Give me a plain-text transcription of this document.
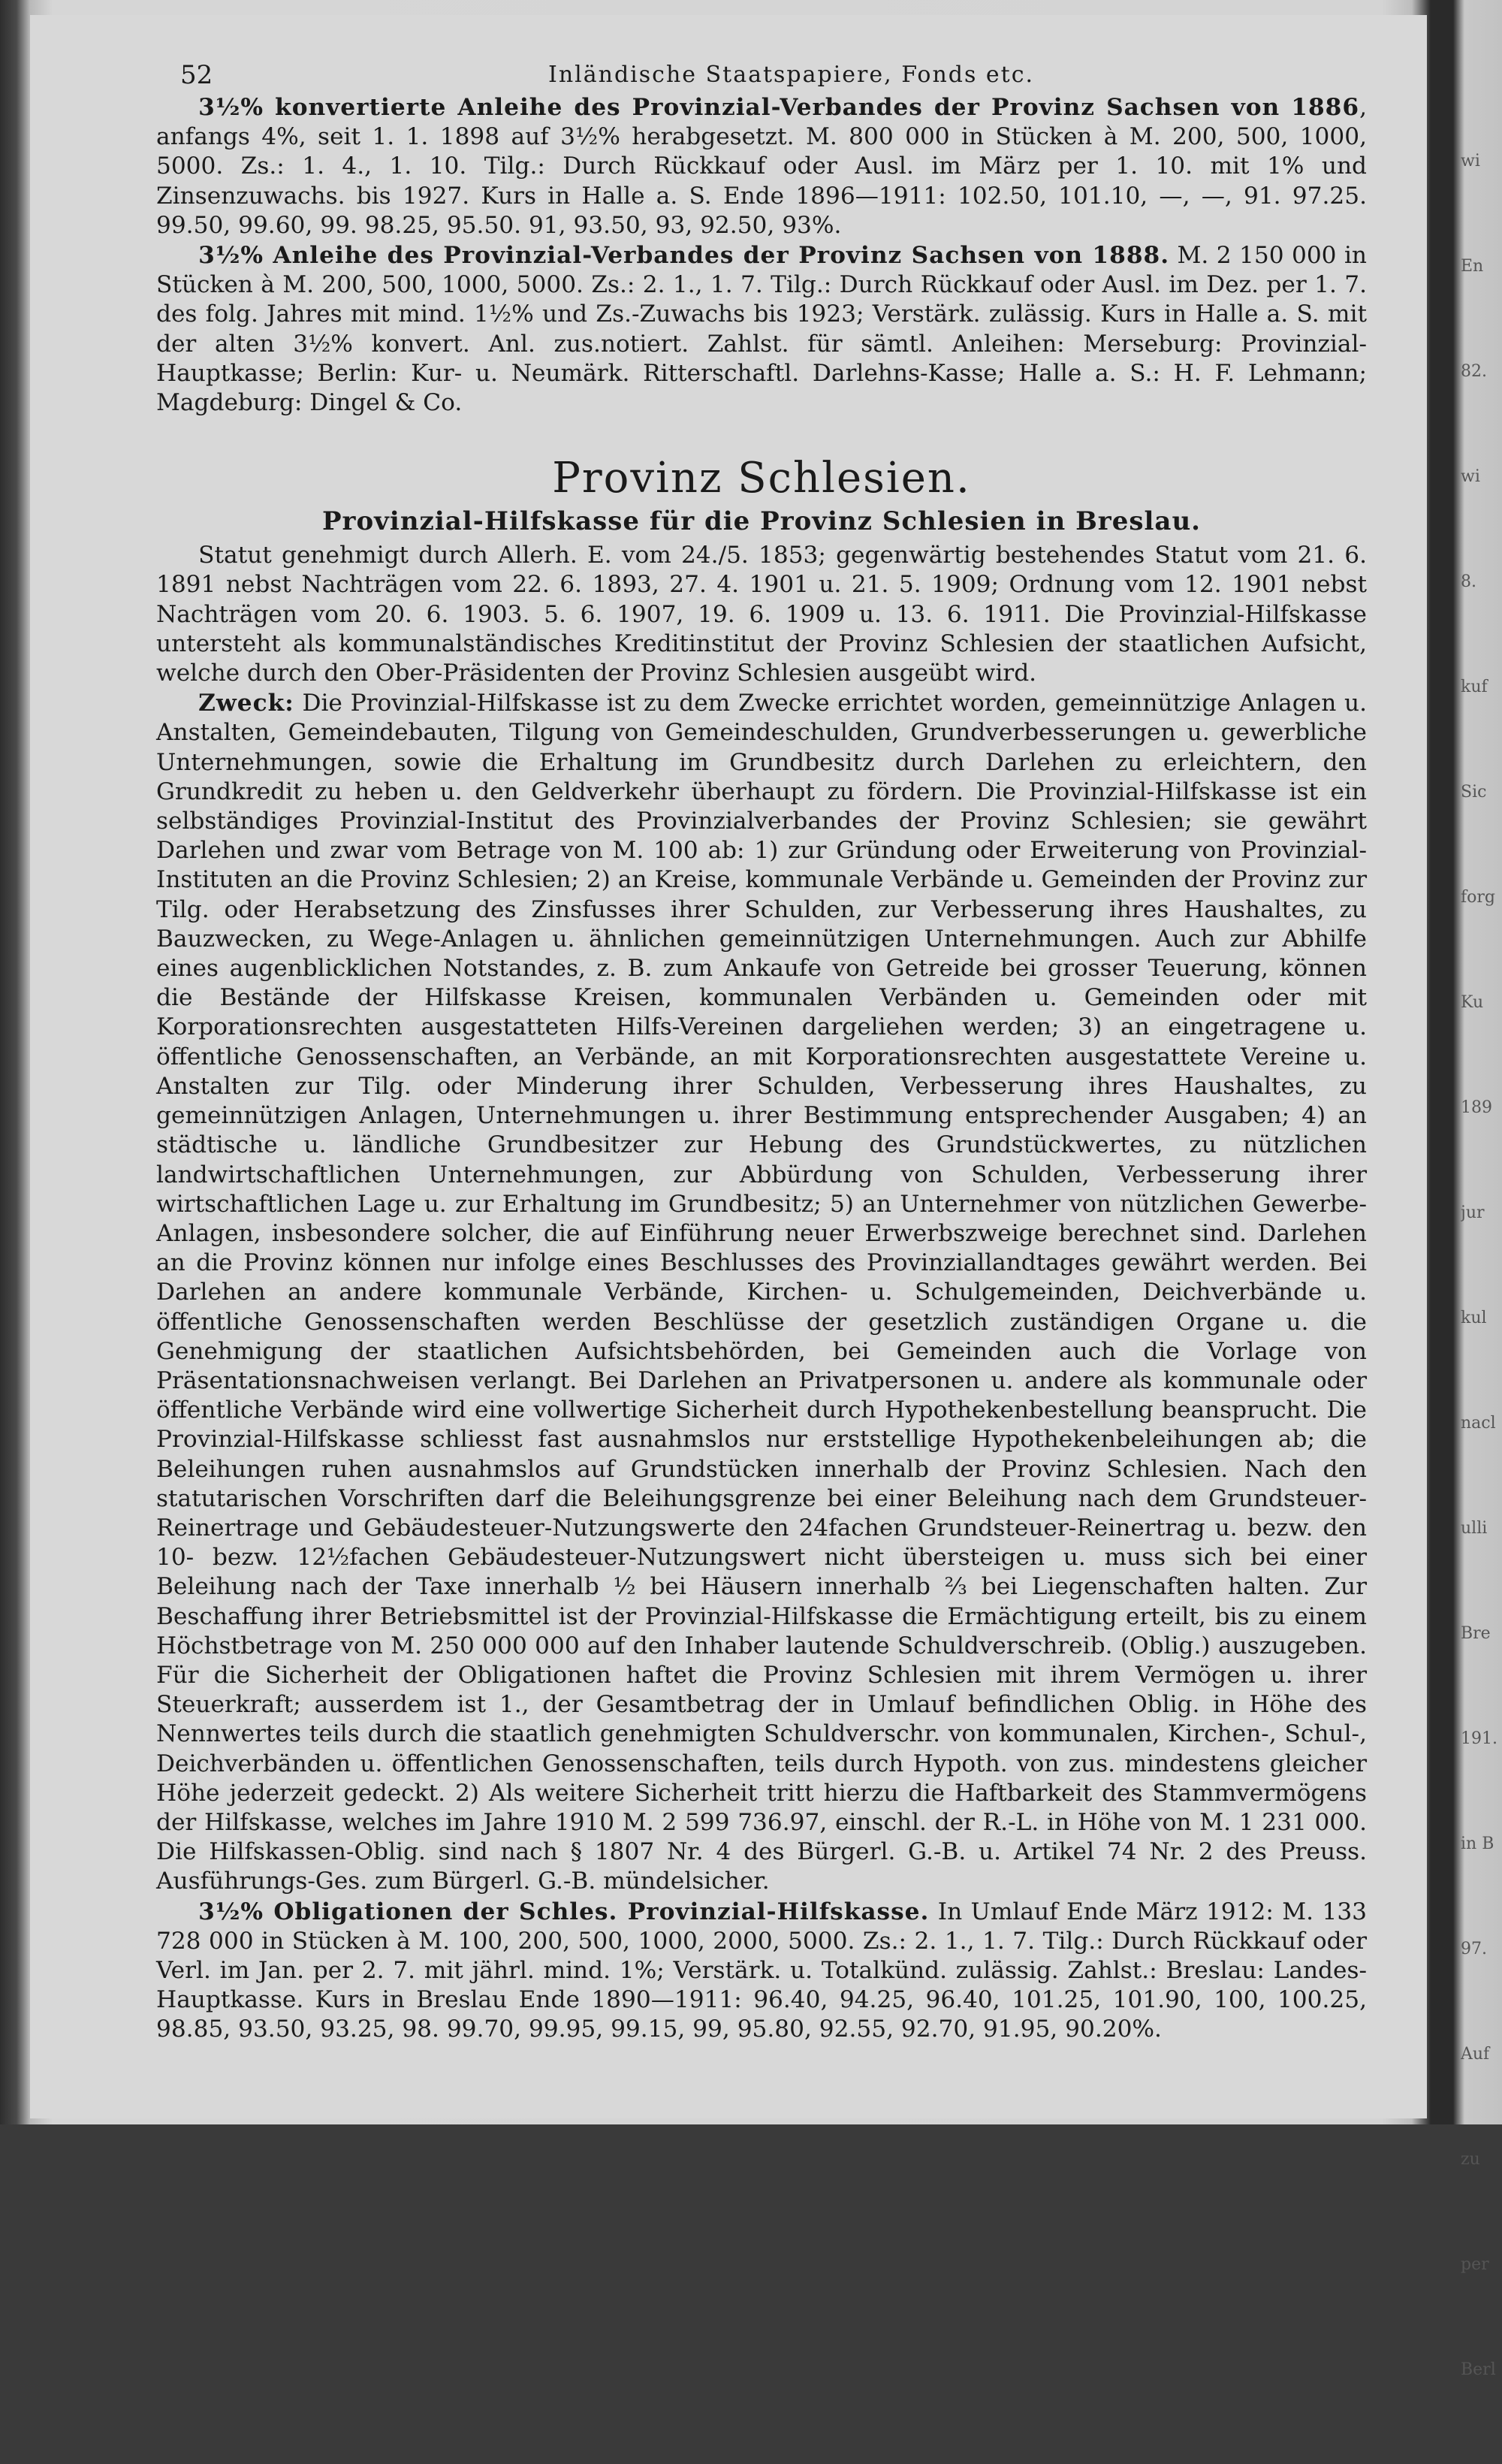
52	Inländische Staatspapiere, Fonds etc.

3½% konvertierte Anleihe des Provinzial-Verbandes der Provinz Sachsen von 1886, anfangs 4%, seit 1. 1. 1898 auf 3½% herabgesetzt. M. 800 000 in Stücken à M. 200, 500, 1000, 5000. Zs.: 1. 4., 1. 10. Tilg.: Durch Rückkauf oder Ausl. im März per 1. 10. mit 1% und Zinsenzuwachs. bis 1927. Kurs in Halle a. S. Ende 1896—1911: 102.50, 101.10, —, —, 91. 97.25. 99.50, 99.60, 99. 98.25, 95.50. 91, 93.50, 93, 92.50, 93%.

3½% Anleihe des Provinzial-Verbandes der Provinz Sachsen von 1888. M. 2 150 000 in Stücken à M. 200, 500, 1000, 5000. Zs.: 2. 1., 1. 7. Tilg.: Durch Rückkauf oder Ausl. im Dez. per 1. 7. des folg. Jahres mit mind. 1½% und Zs.-Zuwachs bis 1923; Verstärk. zulässig. Kurs in Halle a. S. mit der alten 3½% konvert. Anl. zus.notiert. Zahlst. für sämtl. Anleihen: Merseburg: Provinzial-Hauptkasse; Berlin: Kur- u. Neumärk. Ritterschaftl. Darlehns-Kasse; Halle a. S.: H. F. Lehmann; Magdeburg: Dingel & Co.

Provinz Schlesien.
Provinzial-Hilfskasse für die Provinz Schlesien in Breslau.

Statut genehmigt durch Allerh. E. vom 24./5. 1853; gegenwärtig bestehendes Statut vom 21. 6. 1891 nebst Nachträgen vom 22. 6. 1893, 27. 4. 1901 u. 21. 5. 1909; Ordnung vom 12. 1901 nebst Nachträgen vom 20. 6. 1903. 5. 6. 1907, 19. 6. 1909 u. 13. 6. 1911. Die Provinzial-Hilfskasse untersteht als kommunalständisches Kreditinstitut der Provinz Schlesien der staatlichen Aufsicht, welche durch den Ober-Präsidenten der Provinz Schlesien ausgeübt wird.

Zweck: Die Provinzial-Hilfskasse ist zu dem Zwecke errichtet worden, gemeinnützige Anlagen u. Anstalten, Gemeindebauten, Tilgung von Gemeindeschulden, Grundverbesserungen u. gewerbliche Unternehmungen, sowie die Erhaltung im Grundbesitz durch Darlehen zu erleichtern, den Grundkredit zu heben u. den Geldverkehr überhaupt zu fördern. Die Provinzial-Hilfskasse ist ein selbständiges Provinzial-Institut des Provinzialverbandes der Provinz Schlesien; sie gewährt Darlehen und zwar vom Betrage von M. 100 ab: 1) zur Gründung oder Erweiterung von Provinzial-Instituten an die Provinz Schlesien; 2) an Kreise, kommunale Verbände u. Gemeinden der Provinz zur Tilg. oder Herabsetzung des Zinsfusses ihrer Schulden, zur Verbesserung ihres Haushaltes, zu Bauzwecken, zu Wege-Anlagen u. ähnlichen gemeinnützigen Unternehmungen. Auch zur Abhilfe eines augenblicklichen Notstandes, z. B. zum Ankaufe von Getreide bei grosser Teuerung, können die Bestände der Hilfskasse Kreisen, kommunalen Verbänden u. Gemeinden oder mit Korporationsrechten ausgestatteten Hilfs-Vereinen dargeliehen werden; 3) an eingetragene u. öffentliche Genossenschaften, an Verbände, an mit Korporationsrechten ausgestattete Vereine u. Anstalten zur Tilg. oder Minderung ihrer Schulden, Verbesserung ihres Haushaltes, zu gemeinnützigen Anlagen, Unternehmungen u. ihrer Bestimmung entsprechender Ausgaben; 4) an städtische u. ländliche Grundbesitzer zur Hebung des Grundstückwertes, zu nützlichen landwirtschaftlichen Unternehmungen, zur Abbürdung von Schulden, Verbesserung ihrer wirtschaftlichen Lage u. zur Erhaltung im Grundbesitz; 5) an Unternehmer von nützlichen Gewerbe-Anlagen, insbesondere solcher, die auf Einführung neuer Erwerbszweige berechnet sind. Darlehen an die Provinz können nur infolge eines Beschlusses des Provinziallandtages gewährt werden. Bei Darlehen an andere kommunale Verbände, Kirchen- u. Schulgemeinden, Deichverbände u. öffentliche Genossenschaften werden Beschlüsse der gesetzlich zuständigen Organe u. die Genehmigung der staatlichen Aufsichtsbehörden, bei Gemeinden auch die Vorlage von Präsentationsnachweisen verlangt. Bei Darlehen an Privatpersonen u. andere als kommunale oder öffentliche Verbände wird eine vollwertige Sicherheit durch Hypothekenbestellung beansprucht. Die Provinzial-Hilfskasse schliesst fast ausnahmslos nur erststellige Hypothekenbeleihungen ab; die Beleihungen ruhen ausnahmslos auf Grundstücken innerhalb der Provinz Schlesien. Nach den statutarischen Vorschriften darf die Beleihungsgrenze bei einer Beleihung nach dem Grundsteuer-Reinertrage und Gebäudesteuer-Nutzungswerte den 24fachen Grundsteuer-Reinertrag u. bezw. den 10- bezw. 12½fachen Gebäudesteuer-Nutzungswert nicht übersteigen u. muss sich bei einer Beleihung nach der Taxe innerhalb ½ bei Häusern innerhalb ⅔ bei Liegenschaften halten. Zur Beschaffung ihrer Betriebsmittel ist der Provinzial-Hilfskasse die Ermächtigung erteilt, bis zu einem Höchstbetrage von M. 250 000 000 auf den Inhaber lautende Schuldverschreib. (Oblig.) auszugeben. Für die Sicherheit der Obligationen haftet die Provinz Schlesien mit ihrem Vermögen u. ihrer Steuerkraft; ausserdem ist 1., der Gesamtbetrag der in Umlauf befindlichen Oblig. in Höhe des Nennwertes teils durch die staatlich genehmigten Schuldverschr. von kommunalen, Kirchen-, Schul-, Deichverbänden u. öffentlichen Genossenschaften, teils durch Hypoth. von zus. mindestens gleicher Höhe jederzeit gedeckt. 2) Als weitere Sicherheit tritt hierzu die Haftbarkeit des Stammvermögens der Hilfskasse, welches im Jahre 1910 M. 2 599 736.97, einschl. der R.-L. in Höhe von M. 1 231 000. Die Hilfskassen-Oblig. sind nach § 1807 Nr. 4 des Bürgerl. G.-B. u. Artikel 74 Nr. 2 des Preuss. Ausführungs-Ges. zum Bürgerl. G.-B. mündelsicher.

3½% Obligationen der Schles. Provinzial-Hilfskasse. In Umlauf Ende März 1912: M. 133 728 000 in Stücken à M. 100, 200, 500, 1000, 2000, 5000. Zs.: 2. 1., 1. 7. Tilg.: Durch Rückkauf oder Verl. im Jan. per 2. 7. mit jährl. mind. 1%; Verstärk. u. Totalkünd. zulässig. Zahlst.: Breslau: Landes-Hauptkasse. Kurs in Breslau Ende 1890—1911: 96.40, 94.25, 96.40, 101.25, 101.90, 100, 100.25, 98.85, 93.50, 93.25, 98. 99.70, 99.95, 99.15, 99, 95.80, 92.55, 92.70, 91.95, 90.20%.

wi
En
82.
wi
8.
kuf
Sic
forg
Ku
189
jur
kul
nacl
ulli
Bre
191.
in B
97.
Auf
zu
per
Berl
